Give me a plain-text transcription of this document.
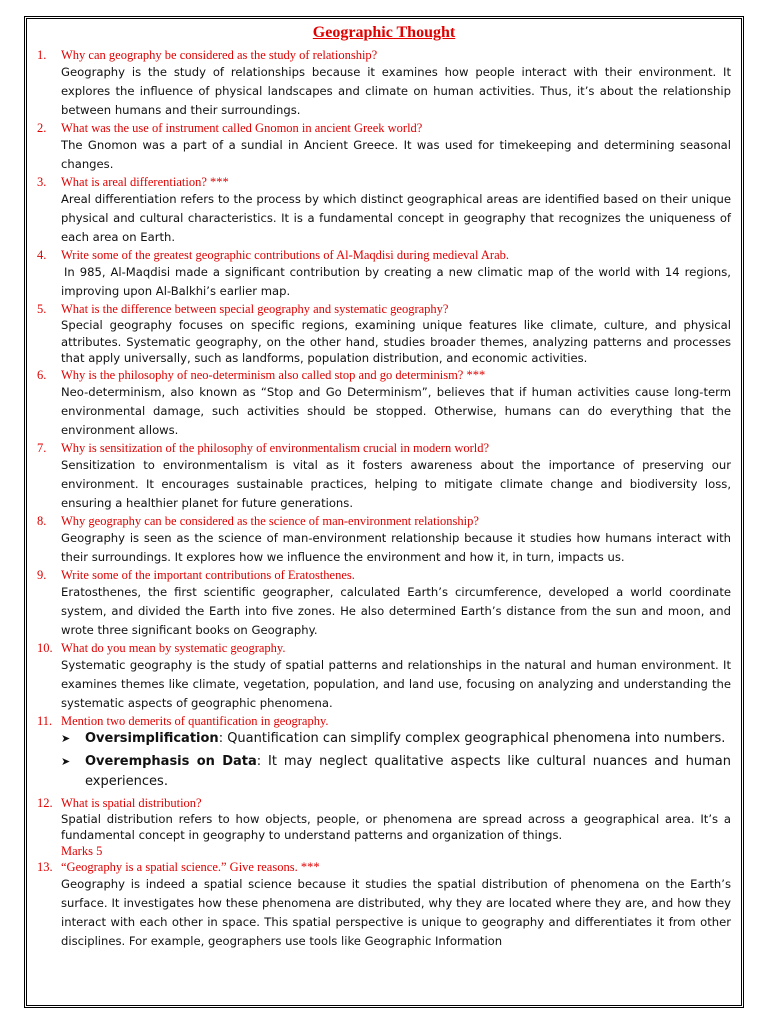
Geographic Thought
1.	Why can geography be considered as the study of relationship?

Geography is the study of relationships because it examines how people interact with their environment. It explores the influence of physical landscapes and climate on human activities. Thus, it’s about the relationship between humans and their surroundings.

2.	What was the use of instrument called Gnomon in ancient Greek world?

The Gnomon was a part of a sundial in Ancient Greece. It was used for timekeeping and determining seasonal changes.

3.	What is areal differentiation? ***

Areal differentiation refers to the process by which distinct geographical areas are identified based on their unique physical and cultural characteristics. It is a fundamental concept in geography that recognizes the uniqueness of each area on Earth.

4.	Write some of the greatest geographic contributions of Al-Maqdisi during medieval Arab.

In 985, Al-Maqdisi made a significant contribution by creating a new climatic map of the world with 14 regions, improving upon Al-Balkhi’s earlier map.

5.	What is the difference between special geography and systematic geography?

Special geography focuses on specific regions, examining unique features like climate, culture, and physical attributes. Systematic geography, on the other hand, studies broader themes, analyzing patterns and processes that apply universally, such as landforms, population distribution, and economic activities.

6.	Why is the philosophy of neo-determinism also called stop and go determinism? ***

Neo-determinism, also known as “Stop and Go Determinism”, believes that if human activities cause long-term environmental damage, such activities should be stopped. Otherwise, humans can do everything that the environment allows.

7.	Why is sensitization of the philosophy of environmentalism crucial in modern world?

Sensitization to environmentalism is vital as it fosters awareness about the importance of preserving our environment. It encourages sustainable practices, helping to mitigate climate change and biodiversity loss, ensuring a healthier planet for future generations.

8.	Why geography can be considered as the science of man-environment relationship?

Geography is seen as the science of man-environment relationship because it studies how humans interact with their surroundings. It explores how we influence the environment and how it, in turn, impacts us.

9.	Write some of the important contributions of Eratosthenes.

Eratosthenes, the first scientific geographer, calculated Earth’s circumference, developed a world coordinate system, and divided the Earth into five zones. He also determined Earth’s distance from the sun and moon, and wrote three significant books on Geography.

10. What do you mean by systematic geography.

Systematic geography is the study of spatial patterns and relationships in the natural and human environment. It examines themes like climate, vegetation, population, and land use, focusing on analyzing and understanding the systematic aspects of geographic phenomena.

11. Mention two demerits of quantification in geography.
➤	Oversimplification: Quantification can simplify complex geographical phenomena into numbers.
➤	Overemphasis on Data: It may neglect qualitative aspects like cultural nuances and human experiences.
12. What is spatial distribution?

Spatial distribution refers to how objects, people, or phenomena are spread across a geographical area. It’s a fundamental concept in geography to understand patterns and organization of things.

Marks 5
13. “Geography is a spatial science.” Give reasons. ***

Geography is indeed a spatial science because it studies the spatial distribution of phenomena on the Earth’s surface. It investigates how these phenomena are distributed, why they are located where they are, and how they interact with each other in space. This spatial perspective is unique to geography and differentiates it from other disciplines. For example, geographers use tools like Geographic Information
